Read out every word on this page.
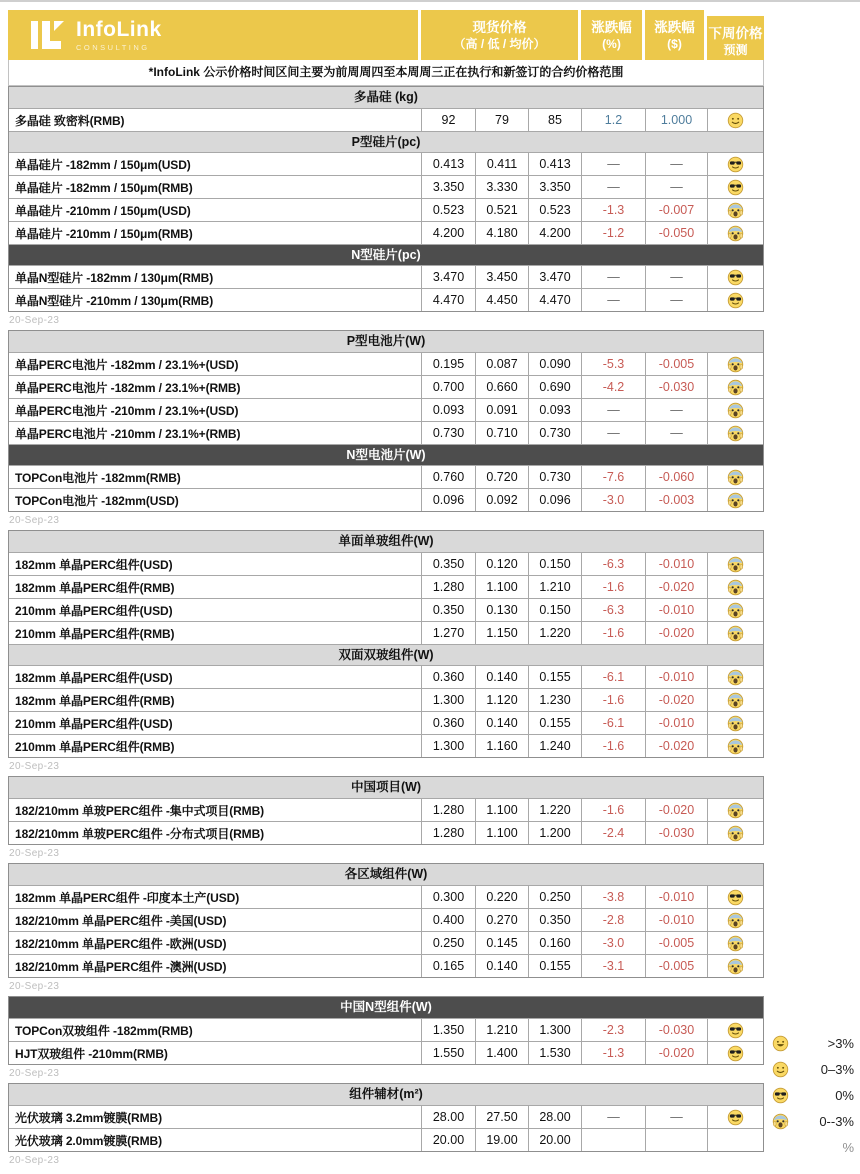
InfoLink
CONSULTING
现货价格
（高 / 低 / 均价）
涨跌幅
(%)
涨跌幅
($)
下周价格
预测
*InfoLink 公示价格时间区间主要为前周周四至本周周三正在执行和新签订的合约价格范围
多晶硅 (kg)
多晶硅 致密料(RMB)	92	79	85	1.2	1.000
P型硅片(pc)
单晶硅片 -182mm / 150μm(USD)	0.413	0.411	0.413	—	—
单晶硅片 -182mm / 150μm(RMB)	3.350	3.330	3.350	—	—
单晶硅片 -210mm / 150μm(USD)	0.523	0.521	0.523	-1.3	-0.007
单晶硅片 -210mm / 150μm(RMB)	4.200	4.180	4.200	-1.2	-0.050
N型硅片(pc)
单晶N型硅片 -182mm / 130μm(RMB)	3.470	3.450	3.470	—	—
单晶N型硅片 -210mm / 130μm(RMB)	4.470	4.450	4.470	—	—
20-Sep-23
P型电池片(W)
单晶PERC电池片 -182mm / 23.1%+(USD)	0.195	0.087	0.090	-5.3	-0.005
单晶PERC电池片 -182mm / 23.1%+(RMB)	0.700	0.660	0.690	-4.2	-0.030
单晶PERC电池片 -210mm / 23.1%+(USD)	0.093	0.091	0.093	—	—
单晶PERC电池片 -210mm / 23.1%+(RMB)	0.730	0.710	0.730	—	—
N型电池片(W)
TOPCon电池片 -182mm(RMB)	0.760	0.720	0.730	-7.6	-0.060
TOPCon电池片 -182mm(USD)	0.096	0.092	0.096	-3.0	-0.003
20-Sep-23
单面单玻组件(W)
182mm 单晶PERC组件(USD)	0.350	0.120	0.150	-6.3	-0.010
182mm 单晶PERC组件(RMB)	1.280	1.100	1.210	-1.6	-0.020
210mm 单晶PERC组件(USD)	0.350	0.130	0.150	-6.3	-0.010
210mm 单晶PERC组件(RMB)	1.270	1.150	1.220	-1.6	-0.020
双面双玻组件(W)
182mm 单晶PERC组件(USD)	0.360	0.140	0.155	-6.1	-0.010
182mm 单晶PERC组件(RMB)	1.300	1.120	1.230	-1.6	-0.020
210mm 单晶PERC组件(USD)	0.360	0.140	0.155	-6.1	-0.010
210mm 单晶PERC组件(RMB)	1.300	1.160	1.240	-1.6	-0.020
20-Sep-23
中国项目(W)
182/210mm 单玻PERC组件 -集中式项目(RMB)	1.280	1.100	1.220	-1.6	-0.020
182/210mm 单玻PERC组件 -分布式项目(RMB)	1.280	1.100	1.200	-2.4	-0.030
20-Sep-23
各区域组件(W)
182mm 单晶PERC组件 -印度本土产(USD)	0.300	0.220	0.250	-3.8	-0.010
182/210mm 单晶PERC组件 -美国(USD)	0.400	0.270	0.350	-2.8	-0.010
182/210mm 单晶PERC组件 -欧洲(USD)	0.250	0.145	0.160	-3.0	-0.005
182/210mm 单晶PERC组件 -澳洲(USD)	0.165	0.140	0.155	-3.1	-0.005
20-Sep-23
中国N型组件(W)
TOPCon双玻组件 -182mm(RMB)	1.350	1.210	1.300	-2.3	-0.030
HJT双玻组件 -210mm(RMB)	1.550	1.400	1.530	-1.3	-0.020
20-Sep-23
组件辅材(m²)
光伏玻璃 3.2mm镀膜(RMB)	28.00	27.50	28.00	—	—
光伏玻璃 2.0mm镀膜(RMB)	20.00	19.00	20.00
20-Sep-23
>3%
0–3%
0%
0--3%
%
